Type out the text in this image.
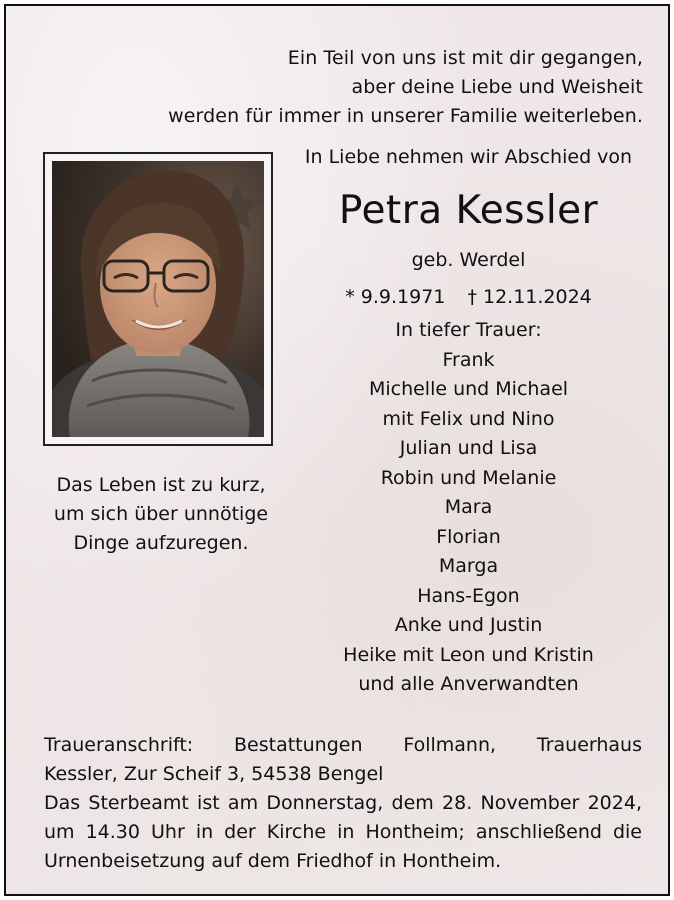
Ein Teil von uns ist mit dir gegangen,
aber deine Liebe und Weisheit
werden für immer in unserer Familie weiterleben.
In Liebe nehmen wir Abschied von
Petra Kessler
geb. Werdel
* 9.9.1971 † 12.11.2024
In tiefer Trauer:
Frank
Michelle und Michael
mit Felix und Nino
Julian und Lisa
Robin und Melanie
Mara
Florian
Marga
Hans-Egon
Anke und Justin
Heike mit Leon und Kristin
und alle Anverwandten
Das Leben ist zu kurz,
um sich über unnötige
Dinge aufzuregen.

Traueranschrift: Bestattungen Follmann, Trauerhaus

Kessler, Zur Scheif 3, 54538 Bengel

Das Sterbeamt ist am Donnerstag, dem 28. November 2024, um 14.30 Uhr in der Kirche in Hontheim; anschließend die Urnenbeisetzung auf dem Friedhof in Hontheim.
